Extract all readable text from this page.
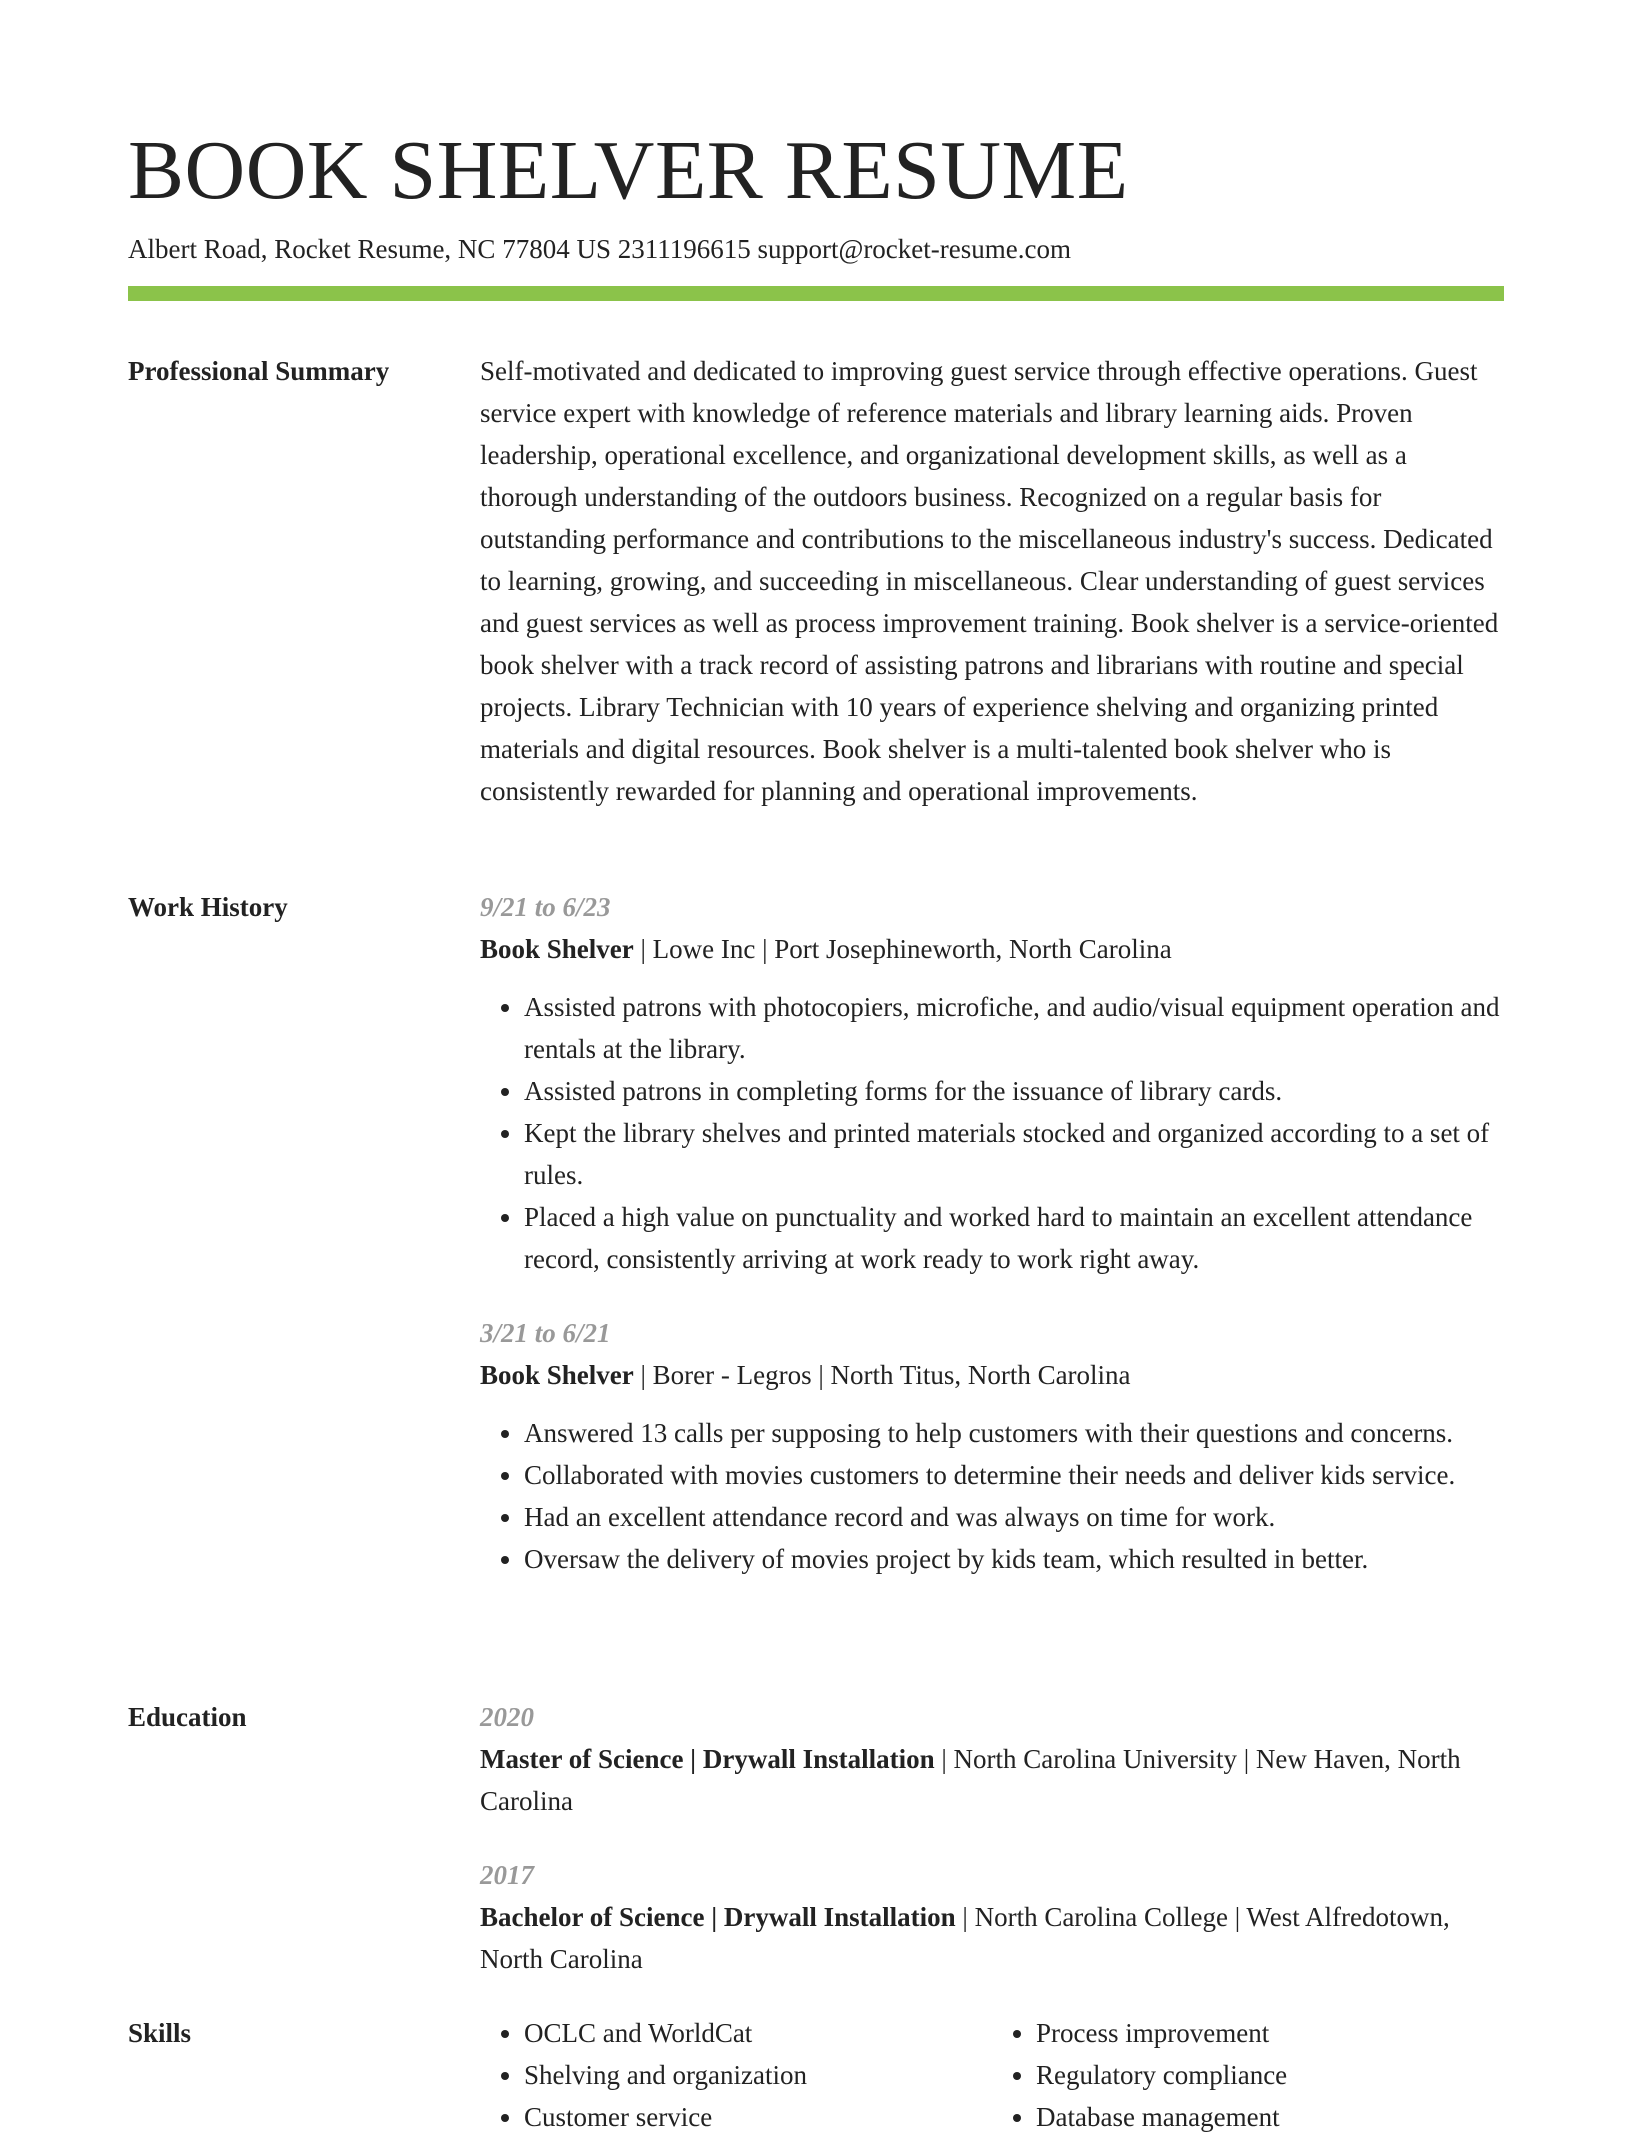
BOOK SHELVER RESUME
Albert Road, Rocket Resume, NC 77804 US 2311196615 support@rocket-resume.com
Professional Summary	Self-motivated and dedicated to improving guest service through effective operations. Guest service expert with knowledge of reference materials and library learning aids. Proven leadership, operational excellence, and organizational development skills, as well as a thorough understanding of the outdoors business. Recognized on a regular basis for outstanding performance and contributions to the miscellaneous industry's success. Dedicated to learning, growing, and succeeding in miscellaneous. Clear understanding of guest services and guest services as well as process improvement training. Book shelver is a service-oriented book shelver with a track record of assisting patrons and librarians with routine and special projects. Library Technician with 10 years of experience shelving and organizing printed materials and digital resources. Book shelver is a multi-talented book shelver who is consistently rewarded for planning and operational improvements.

Work History	9/21 to 6/23
Book Shelver | Lowe Inc | Port Josephineworth, North Carolina
• Assisted patrons with photocopiers, microfiche, and audio/visual equipment operation and rentals at the library.
• Assisted patrons in completing forms for the issuance of library cards.
• Kept the library shelves and printed materials stocked and organized according to a set of rules.
• Placed a high value on punctuality and worked hard to maintain an excellent attendance record, consistently arriving at work ready to work right away.
3/21 to 6/21
Book Shelver | Borer - Legros | North Titus, North Carolina
• Answered 13 calls per supposing to help customers with their questions and concerns.
• Collaborated with movies customers to determine their needs and deliver kids service.
• Had an excellent attendance record and was always on time for work.
• Oversaw the delivery of movies project by kids team, which resulted in better.
Education	2020
Master of Science | Drywall Installation | North Carolina University | New Haven, North Carolina
2017
Bachelor of Science | Drywall Installation | North Carolina College | West Alfredotown, North Carolina
Skills
•	OCLC and WorldCat
• Shelving and organization
• Customer service
• Process improvement
• Regulatory compliance
• Database management
